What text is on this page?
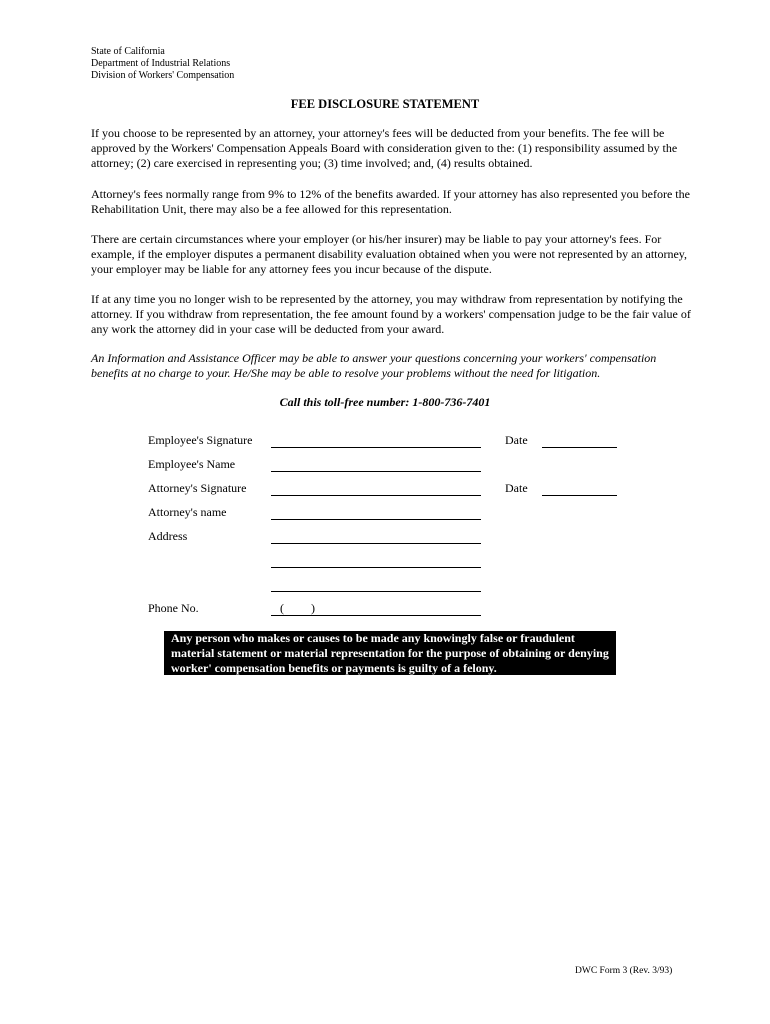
State of California
Department of Industrial Relations
Division of Workers' Compensation
FEE DISCLOSURE STATEMENT

If you choose to be represented by an attorney, your attorney's fees will be deducted from your benefits. The fee will be approved by the Workers' Compensation Appeals Board with consideration given to the: (1) responsibility assumed by the attorney; (2) care exercised in representing you; (3) time involved; and, (4) results obtained.

Attorney's fees normally range from 9% to 12% of the benefits awarded. If your attorney has also represented you before the Rehabilitation Unit, there may also be a fee allowed for this representation.

There are certain circumstances where your employer (or his/her insurer) may be liable to pay your attorney's fees. For example, if the employer disputes a permanent disability evaluation obtained when you were not represented by an attorney, your employer may be liable for any attorney fees you incur because of the dispute.

If at any time you no longer wish to be represented by the attorney, you may withdraw from representation by notifying the attorney. If you withdraw from representation, the fee amount found by a workers' compensation judge to be the fair value of any work the attorney did in your case will be deducted from your award.

An Information and Assistance Officer may be able to answer your questions concerning your workers' compensation benefits at no charge to your. He/She may be able to resolve your problems without the need for litigation.

Call this toll-free number: 1-800-736-7401
Employee's Signature	Date
Employee's Name
Attorney's Signature	Date
Attorney's name
Address
Phone No.	( )
Any person who makes or causes to be made any knowingly false or fraudulent material statement or material representation for the purpose of obtaining or denying worker' compensation benefits or payments is guilty of a felony.
DWC Form 3 (Rev. 3/93)
